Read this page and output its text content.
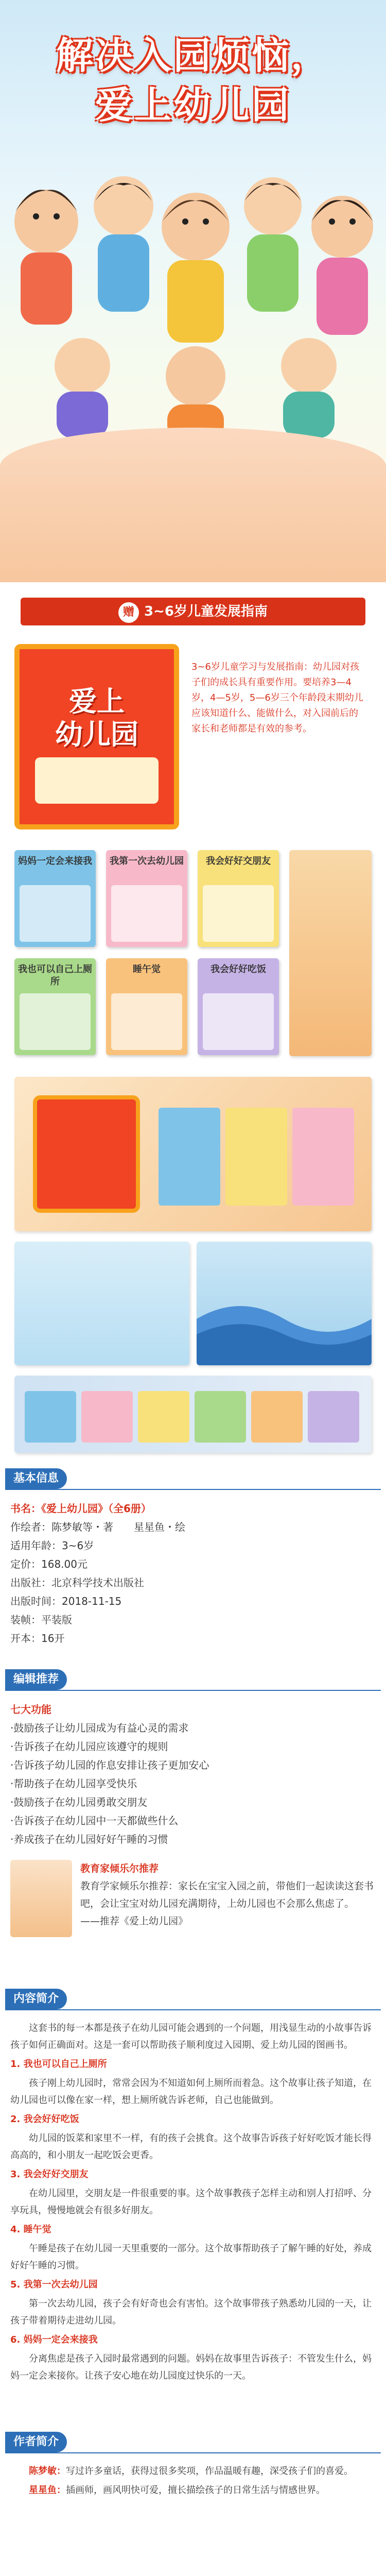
解决入园烦恼，
爱上幼儿园
赠 3~6岁儿童发展指南
爱上
幼儿园
3~6岁儿童学习与发展指南：幼儿园对孩子们的成长具有重要作用。要培养3—4岁，4—5岁，5—6岁三个年龄段末期幼儿应该知道什么、能做什么，对入园前后的家长和老师都是有效的参考。
妈妈一定会来接我 我第一次去幼儿园	我会好好交朋友
我也可以自己上厕所
睡午觉	我会好好吃饭
基本信息
书名：《爱上幼儿园》（全6册）
作绘者：陈梦敏等・著　　星星鱼・绘
适用年龄：3~6岁
定价：168.00元
出版社：北京科学技术出版社
出版时间：2018-11-15
装帧：平装版
开本：16开
编辑推荐
七大功能
·鼓励孩子让幼儿园成为有益心灵的需求
·告诉孩子在幼儿园应该遵守的规则
·告诉孩子幼儿园的作息安排让孩子更加安心
·帮助孩子在幼儿园享受快乐
·鼓励孩子在幼儿园勇敢交朋友
·告诉孩子在幼儿园中一天都做些什么
·养成孩子在幼儿园好好午睡的习惯
教育家倾乐尔推荐
教育学家倾乐尔推荐：家长在宝宝入园之前，带他们一起读读这套书吧，会让宝宝对幼儿园充满期待，上幼儿园也不会那么焦虑了。
——推荐《爱上幼儿园》
内容简介

这套书的每一本都是孩子在幼儿园可能会遇到的一个问题，用浅显生动的小故事告诉孩子如何正确面对。这是一套可以帮助孩子顺利度过入园期、爱上幼儿园的图画书。

1. 我也可以自己上厕所

孩子刚上幼儿园时，常常会因为不知道如何上厕所而着急。这个故事让孩子知道，在幼儿园也可以像在家一样，想上厕所就告诉老师，自己也能做到。

2. 我会好好吃饭

幼儿园的饭菜和家里不一样，有的孩子会挑食。这个故事告诉孩子好好吃饭才能长得高高的，和小朋友一起吃饭会更香。

3. 我会好好交朋友

在幼儿园里，交朋友是一件很重要的事。这个故事教孩子怎样主动和别人打招呼、分享玩具，慢慢地就会有很多好朋友。

4. 睡午觉

午睡是孩子在幼儿园一天里重要的一部分。这个故事帮助孩子了解午睡的好处，养成好好午睡的习惯。

5. 我第一次去幼儿园

第一次去幼儿园，孩子会有好奇也会有害怕。这个故事带孩子熟悉幼儿园的一天，让孩子带着期待走进幼儿园。

6. 妈妈一定会来接我

分离焦虑是孩子入园时最常遇到的问题。妈妈在故事里告诉孩子：不管发生什么，妈妈一定会来接你。让孩子安心地在幼儿园度过快乐的一天。

作者简介

陈梦敏：写过许多童话，获得过很多奖项，作品温暖有趣，深受孩子们的喜爱。

星星鱼：插画师，画风明快可爱，擅长描绘孩子的日常生活与情感世界。
